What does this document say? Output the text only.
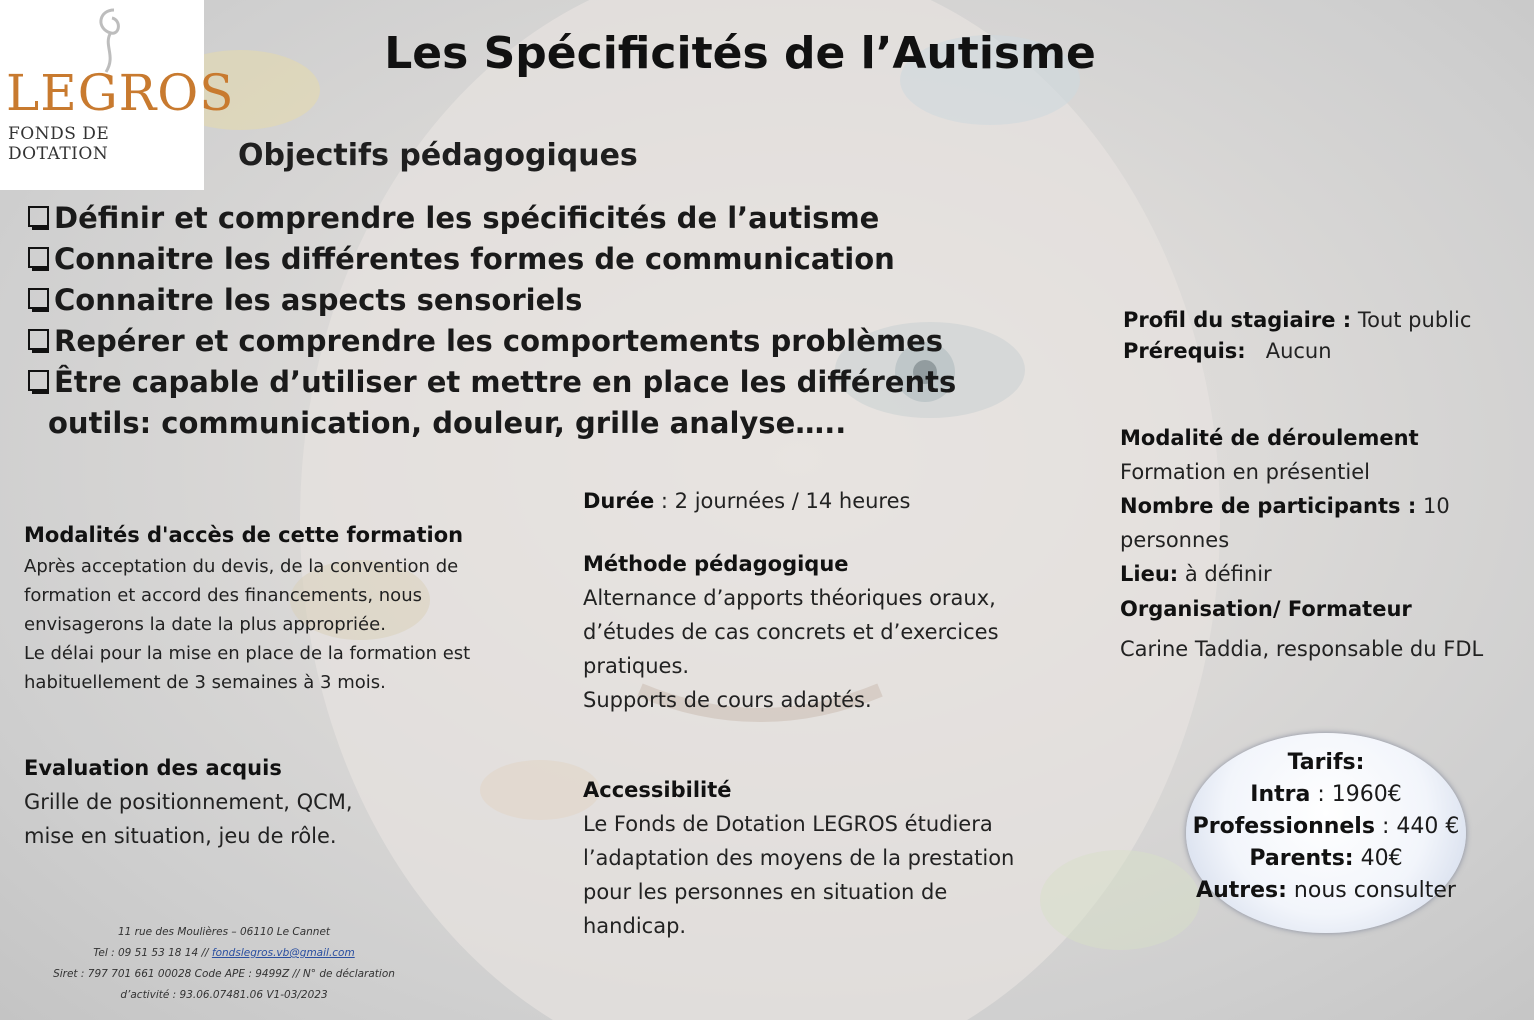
LEGROS
FONDS DE DOTATION
Les Spécificités de l’Autisme
Objectifs pédagogiques
Définir et comprendre les spécificités de l’autisme
Connaitre les différentes formes de communication
Connaitre les aspects sensoriels
Repérer et comprendre les comportements problèmes
Être capable d’utiliser et mettre en place les différents
outils: communication, douleur, grille analyse…..
Profil du stagiaire : Tout public
Prérequis: Aucun
Modalité de déroulement
Formation en présentiel
Nombre de participants : 10 personnes
Lieu: à définir
Organisation/ Formateur
Carine Taddia, responsable du FDL
Durée : 2 journées / 14 heures
Méthode pédagogique
Alternance d’apports théoriques oraux,
d’études de cas concrets et d’exercices
pratiques.
Supports de cours adaptés.
Accessibilité
Le Fonds de Dotation LEGROS étudiera
l’adaptation des moyens de la prestation
pour les personnes en situation de
handicap.
Modalités d'accès de cette formation
Après acceptation du devis, de la convention de
formation et accord des financements, nous
envisagerons la date la plus appropriée.
Le délai pour la mise en place de la formation est
habituellement de 3 semaines à 3 mois.
Evaluation des acquis
Grille de positionnement, QCM,
mise en situation, jeu de rôle.
Tarifs:
Intra : 1960€
Professionnels : 440 €
Parents: 40€
Autres: nous consulter
11 rue des Moulières – 06110 Le Cannet
Tel : 09 51 53 18 14 // fondslegros.vb@gmail.com
Siret : 797 701 661 00028 Code APE : 9499Z // N° de déclaration
d’activité : 93.06.07481.06 V1-03/2023
